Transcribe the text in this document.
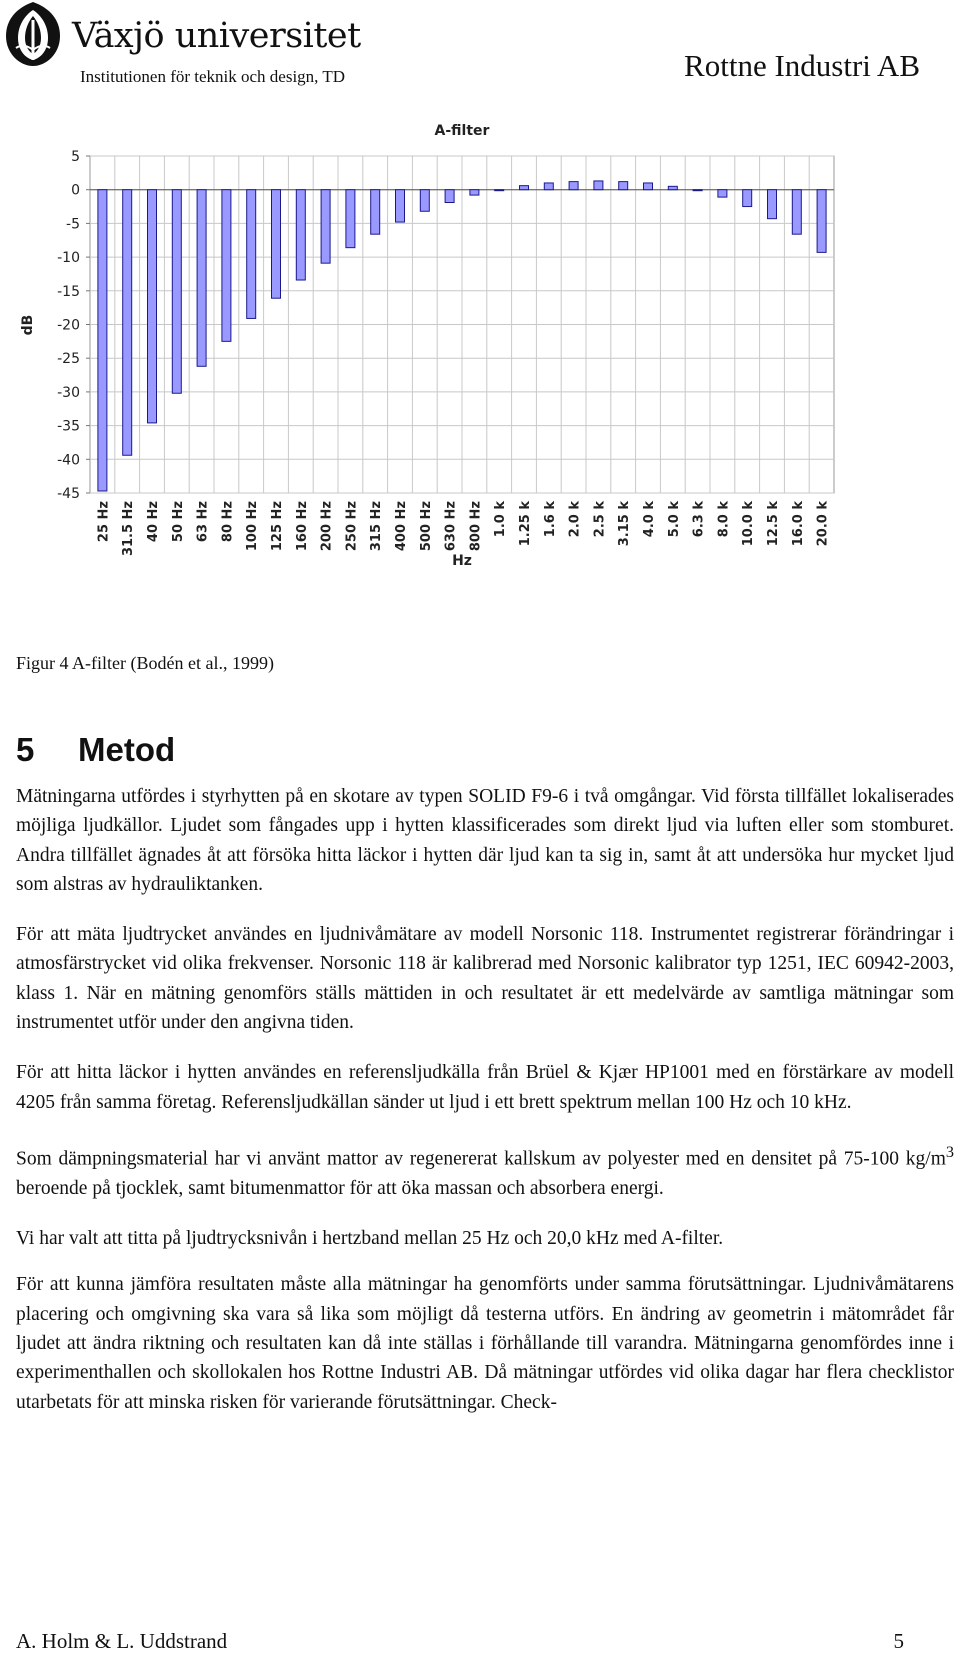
Växjö universitet
Institutionen för teknik och design, TD	Rottne Industri AB
5
0
-5
-10
-15
-20
-25
-30
-35
-40
-45
25 Hz 31.5 Hz 40 Hz 50 Hz 63 Hz 80 Hz 100 Hz 125 Hz 160 Hz 200 Hz 250 Hz 315 Hz 400 Hz 500 Hz 630 Hz 800 Hz 1.0 k 1.25 k 1.6 k 2.0 k 2.5 k 3.15 k 4.0 k 5.0 k 6.3 k 8.0 k 10.0 k 12.5 k 16.0 k 20.0 k
A-filter
Hz
dB
Figur 4 A-filter (Bodén et al., 1999)
5 Metod

Mätningarna utfördes i styrhytten på en skotare av typen SOLID F9-6 i två omgångar. Vid första tillfället lokaliserades möjliga ljudkällor. Ljudet som fångades upp i hytten klassificerades som direkt ljud via luften eller som stomburet. Andra tillfället ägnades åt att försöka hitta läckor i hytten där ljud kan ta sig in, samt åt att undersöka hur mycket ljud som alstras av hydrauliktanken.

För att mäta ljudtrycket användes en ljudnivåmätare av modell Norsonic 118. Instrumentet registrerar förändringar i atmosfärstrycket vid olika frekvenser. Norsonic 118 är kalibrerad med Norsonic kalibrator typ 1251, IEC 60942-2003, klass 1. När en mätning genomförs ställs mättiden in och resultatet är ett medelvärde av samtliga mätningar som instrumentet utför under den angivna tiden.

För att hitta läckor i hytten användes en referensljudkälla från Brüel & Kjær HP1001 med en förstärkare av modell 4205 från samma företag. Referensljudkällan sänder ut ljud i ett brett spektrum mellan 100 Hz och 10 kHz.

Som dämpningsmaterial har vi använt mattor av regenererat kallskum av polyester med en densitet på 75-100 $kg/m^3$ beroende på tjocklek, samt bitumenmattor för att öka massan och absorbera energi.

Vi har valt att titta på ljudtrycksnivån i hertzband mellan 25 Hz och 20,0 kHz med A-filter.

För att kunna jämföra resultaten måste alla mätningar ha genomförts under samma förutsättningar. Ljudnivåmätarens placering och omgivning ska vara så lika som möjligt då testerna utförs. En ändring av geometrin i mätområdet får ljudet att ändra riktning och resultaten kan då inte ställas i förhållande till varandra. Mätningarna genomfördes inne i experimenthallen och skollokalen hos Rottne Industri AB. Då mätningar utfördes vid olika dagar har flera checklistor utarbetats för att minska risken för varierande förutsättningar. Check-

A. Holm & L. Uddstrand	5
